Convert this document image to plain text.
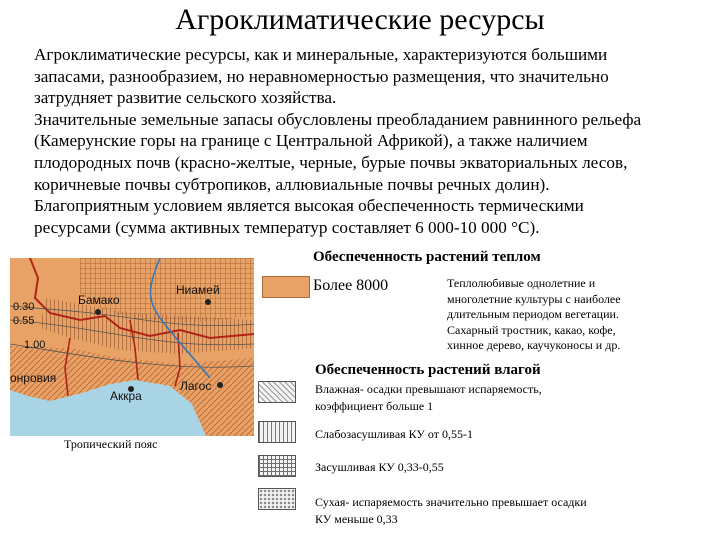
Агроклиматические ресурсы

Агроклиматические ресурсы, как и минеральные, характеризуются большими

запасами, разнообразием, но неравномерностью размещения, что значительно

затрудняет развитие сельского хозяйства.

Значительные земельные запасы обусловлены преобладанием равнинного рельефа

(Камерунские горы на границе с Центральной Африкой), а также наличием

плодородных почв (красно-желтые, черные, бурые почвы экваториальных лесов,

коричневые почвы субтропиков, аллювиальные почвы речных долин).

Благоприятным условием является высокая обеспеченность термическими

ресурсами (сумма активных температур составляет 6 000-10 000 °С).

0.30
0.55
1.00
Бамако
Ниамей
Лагос
Аккра
онровия
Тропический пояс
Обеспеченность растений теплом
Более 8000	Теплолюбивые однолетние и
многолетние культуры с наиболее
длительным периодом вегетации.
Сахарный тростник, какао, кофе,
хинное дерево, каучуконосы и др.
Обеспеченность растений влагой
Влажная- осадки превышают испаряемость,
коэффициент больше 1
Слабозасушливая КУ от 0,55-1
Засушливая КУ 0,33-0,55
Сухая- испаряемость значительно превышает осадки
КУ меньше 0,33
